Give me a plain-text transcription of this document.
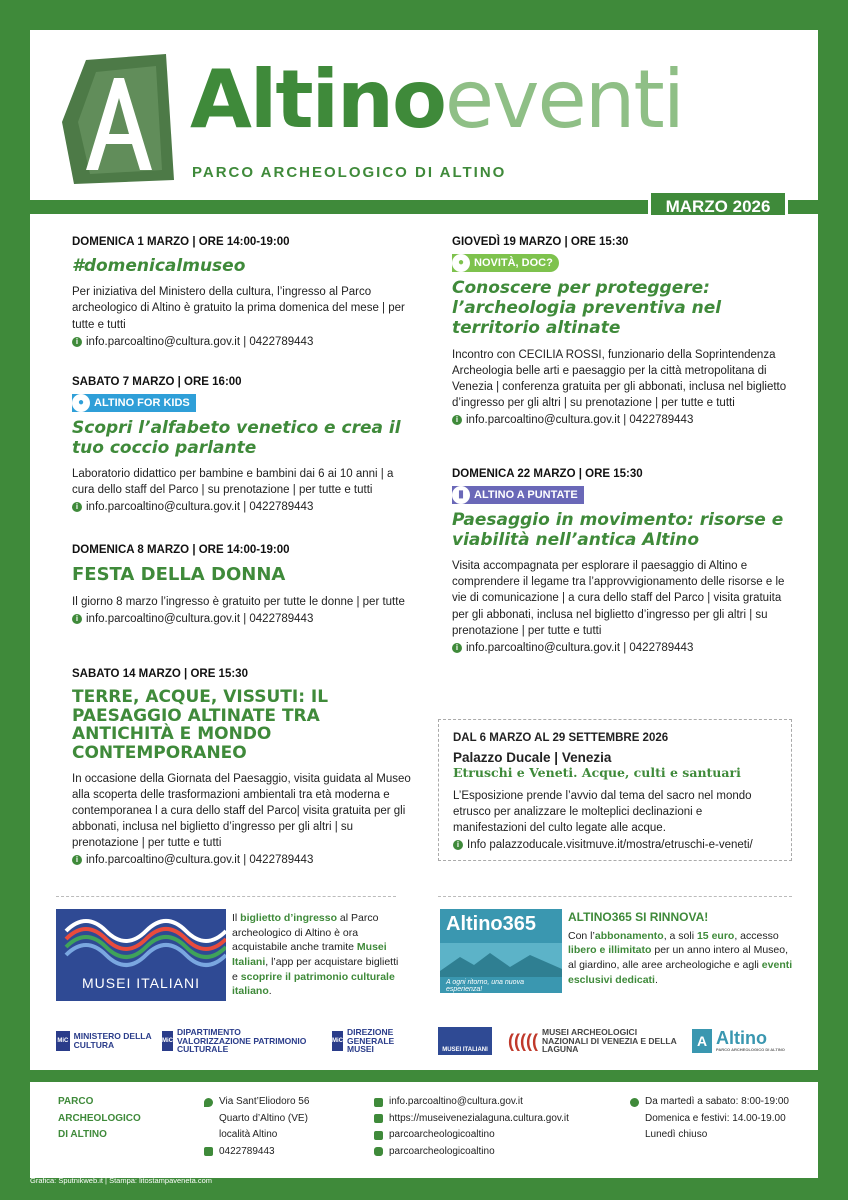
Altinoeventi
PARCO ARCHEOLOGICO DI ALTINO
MARZO 2026
DOMENICA 1 MARZO | ORE 14:00-19:00
#domenicalmuseo
Per iniziativa del Ministero della cultura, l’ingresso al Parco archeologico di Altino è gratuito la prima domenica del mese | per tutte e tutti
i info.parcoaltino@cultura.gov.it | 0422789443
SABATO 7 MARZO | ORE 16:00
● ALTINO FOR KIDS
Scopri l’alfabeto venetico e crea il tuo coccio parlante
Laboratorio didattico per bambine e bambini dai 6 ai 10 anni | a cura dello staff del Parco | su prenotazione | per tutte e tutti
i info.parcoaltino@cultura.gov.it | 0422789443
DOMENICA 8 MARZO | ORE 14:00-19:00
FESTA DELLA DONNA
Il giorno 8 marzo l’ingresso è gratuito per tutte le donne | per tutte
i info.parcoaltino@cultura.gov.it | 0422789443
SABATO 14 MARZO | ORE 15:30
TERRE, ACQUE, VISSUTI: IL PAESAGGIO ALTINATE TRA ANTICHITÀ E MONDO CONTEMPORANEO
In occasione della Giornata del Paesaggio, visita guidata al Museo alla scoperta delle trasformazioni ambientali tra età moderna e contemporanea l a cura dello staff del Parco| visita gratuita per gli abbonati, inclusa nel biglietto d’ingresso per gli altri | su prenotazione | per tutte e tutti
i info.parcoaltino@cultura.gov.it | 0422789443
GIOVEDÌ 19 MARZO | ORE 15:30
● NOVITÀ, DOC?
Conoscere per proteggere: l’archeologia preventiva nel territorio altinate
Incontro con CECILIA ROSSI, funzionario della Soprintendenza Archeologia belle arti e paesaggio per la città metropolitana di Venezia | conferenza gratuita per gli abbonati, inclusa nel biglietto d’ingresso per gli altri | su prenotazione | per tutte e tutti
i info.parcoaltino@cultura.gov.it | 0422789443
DOMENICA 22 MARZO | ORE 15:30
▮ ALTINO A PUNTATE
Paesaggio in movimento: risorse e viabilità nell’antica Altino
Visita accompagnata per esplorare il paesaggio di Altino e comprendere il legame tra l’approvvigionamento delle risorse e le vie di comunicazione | a cura dello staff del Parco | visita gratuita per gli abbonati, inclusa nel biglietto d’ingresso per gli altri | su prenotazione | per tutte e tutti
i info.parcoaltino@cultura.gov.it | 0422789443
DAL 6 MARZO AL 29 SETTEMBRE 2026
Palazzo Ducale | Venezia
Etruschi e Veneti. Acque, culti e santuari
L’Esposizione prende l’avvio dal tema del sacro nel mondo etrusco per analizzare le molteplici declinazioni e manifestazioni del culto legate alle acque.
i Info palazzoducale.visitmuve.it/mostra/etruschi-e-veneti/
MUSEI ITALIANI
Il biglietto d’ingresso al Parco archeologico di Altino è ora acquistabile anche tramite Musei Italiani, l’app per acquistare biglietti e scoprire il patrimonio culturale italiano.
Altino365
A ogni ritorno, una nuova esperienza!
ALTINO365 SI RINNOVA!
Con l’abbonamento, a soli 15 euro, accesso libero e illimitato per un anno intero al Museo, al giardino, alle aree archeologiche e agli eventi esclusivi dedicati.
MiC MINISTERO DELLA CULTURA	MiC
DIPARTIMENTO VALORIZZAZIONE PATRIMONIO CULTURALE
MiC
DIREZIONE GENERALE MUSEI	MUSEI ITALIANI ((((( MUSEI ARCHEOLOGICI NAZIONALI DI VENEZIA E DELLA LAGUNA
A Altino
PARCO ARCHEOLOGICO DI ALTINO
PARCO
ARCHEOLOGICO
DI ALTINO
Via Sant’Eliodoro 56
Quarto d’Altino (VE)
località Altino
0422789443
info.parcoaltino@cultura.gov.it
https://museivenezialaguna.cultura.gov.it
parcoarcheologicoaltino
parcoarcheologicoaltino
Da martedì a sabato: 8:00-19:00
Domenica e festivi: 14.00-19.00
Lunedì chiuso
Grafica: Sputnikweb.it | Stampa: litostampaveneta.com
